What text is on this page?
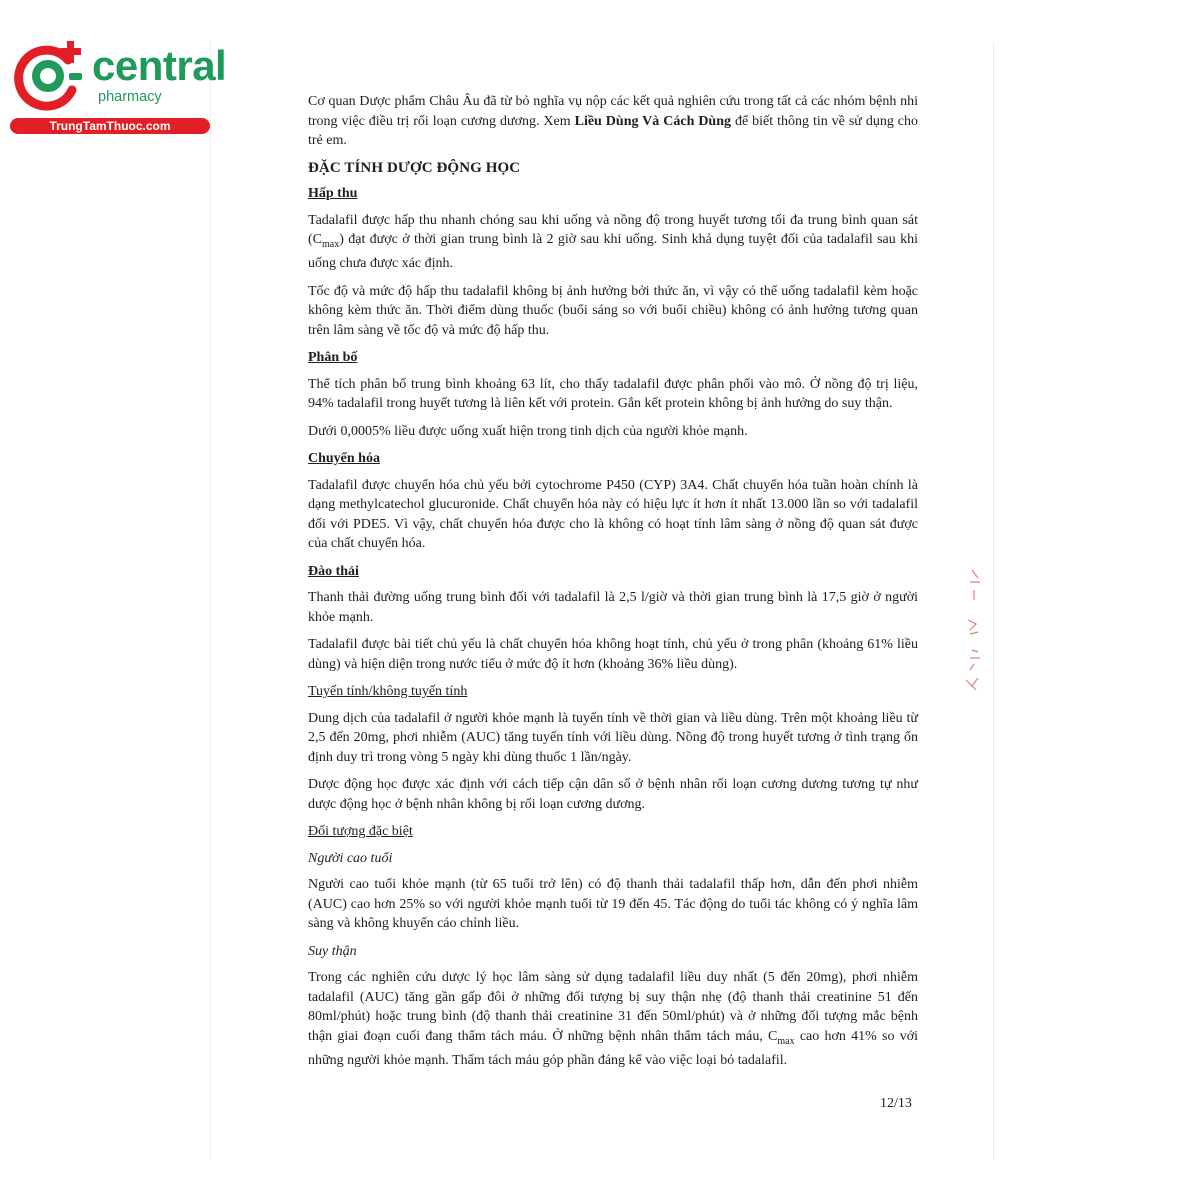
central
pharmacy
TrungTamThuoc.com

Cơ quan Dược phẩm Châu Âu đã từ bỏ nghĩa vụ nộp các kết quả nghiên cứu trong tất cả các nhóm bệnh nhi trong việc điều trị rối loạn cương dương. Xem Liều Dùng Và Cách Dùng để biết thông tin về sử dụng cho trẻ em.

ĐẶC TÍNH DƯỢC ĐỘNG HỌC
Hấp thu

Tadalafil được hấp thu nhanh chóng sau khi uống và nồng độ trong huyết tương tối đa trung bình quan sát $(C_{max})$ đạt được ở thời gian trung bình là 2 giờ sau khi uống. Sinh khả dụng tuyệt đối của tadalafil sau khi uống chưa được xác định.

Tốc độ và mức độ hấp thu tadalafil không bị ảnh hưởng bởi thức ăn, vì vậy có thể uống tadalafil kèm hoặc không kèm thức ăn. Thời điểm dùng thuốc (buổi sáng so với buổi chiều) không có ảnh hưởng tương quan trên lâm sàng về tốc độ và mức độ hấp thu.

Phân bố

Thể tích phân bố trung bình khoảng 63 lít, cho thấy tadalafil được phân phối vào mô. Ở nồng độ trị liệu, 94% tadalafil trong huyết tương là liên kết với protein. Gắn kết protein không bị ảnh hưởng do suy thận.

Dưới 0,0005% liều được uống xuất hiện trong tinh dịch của người khỏe mạnh.

Chuyển hóa

Tadalafil được chuyển hóa chủ yếu bởi cytochrome P450 (CYP) 3A4. Chất chuyển hóa tuần hoàn chính là dạng methylcatechol glucuronide. Chất chuyển hóa này có hiệu lực ít hơn ít nhất 13.000 lần so với tadalafil đối với PDE5. Vì vậy, chất chuyển hóa được cho là không có hoạt tính lâm sàng ở nồng độ quan sát được của chất chuyển hóa.

Đào thải

Thanh thải đường uống trung bình đối với tadalafil là 2,5 l/giờ và thời gian trung bình là 17,5 giờ ở người khỏe mạnh.

Tadalafil được bài tiết chủ yếu là chất chuyển hóa không hoạt tính, chủ yếu ở trong phân (khoảng 61% liều dùng) và hiện diện trong nước tiểu ở mức độ ít hơn (khoảng 36% liều dùng).

Tuyến tính/không tuyến tính

Dung dịch của tadalafil ở người khỏe mạnh là tuyến tính về thời gian và liều dùng. Trên một khoảng liều từ 2,5 đến 20mg, phơi nhiễm (AUC) tăng tuyến tính với liều dùng. Nồng độ trong huyết tương ở tình trạng ổn định duy trì trong vòng 5 ngày khi dùng thuốc 1 lần/ngày.

Dược động học được xác định với cách tiếp cận dân số ở bệnh nhân rối loạn cương dương tương tự như dược động học ở bệnh nhân không bị rối loạn cương dương.

Đối tượng đặc biệt
Người cao tuổi

Người cao tuổi khỏe mạnh (từ 65 tuổi trở lên) có độ thanh thải tadalafil thấp hơn, dẫn đến phơi nhiễm (AUC) cao hơn 25% so với người khỏe mạnh tuổi từ 19 đến 45. Tác động do tuổi tác không có ý nghĩa lâm sàng và không khuyến cáo chỉnh liều.

Suy thận

Trong các nghiên cứu dược lý học lâm sàng sử dụng tadalafil liều duy nhất (5 đến 20mg), phơi nhiễm tadalafil (AUC) tăng gần gấp đôi ở những đối tượng bị suy thận nhẹ (độ thanh thải creatinine 51 đến 80ml/phút) hoặc trung bình (độ thanh thải creatinine 31 đến 50ml/phút) và ở những đối tượng mắc bệnh thận giai đoạn cuối đang thẩm tách máu. Ở những bệnh nhân thẩm tách máu, $C_{max}$ cao hơn 41% so với những người khỏe mạnh. Thẩm tách máu góp phần đáng kể vào việc loại bỏ tadalafil.

12/13
